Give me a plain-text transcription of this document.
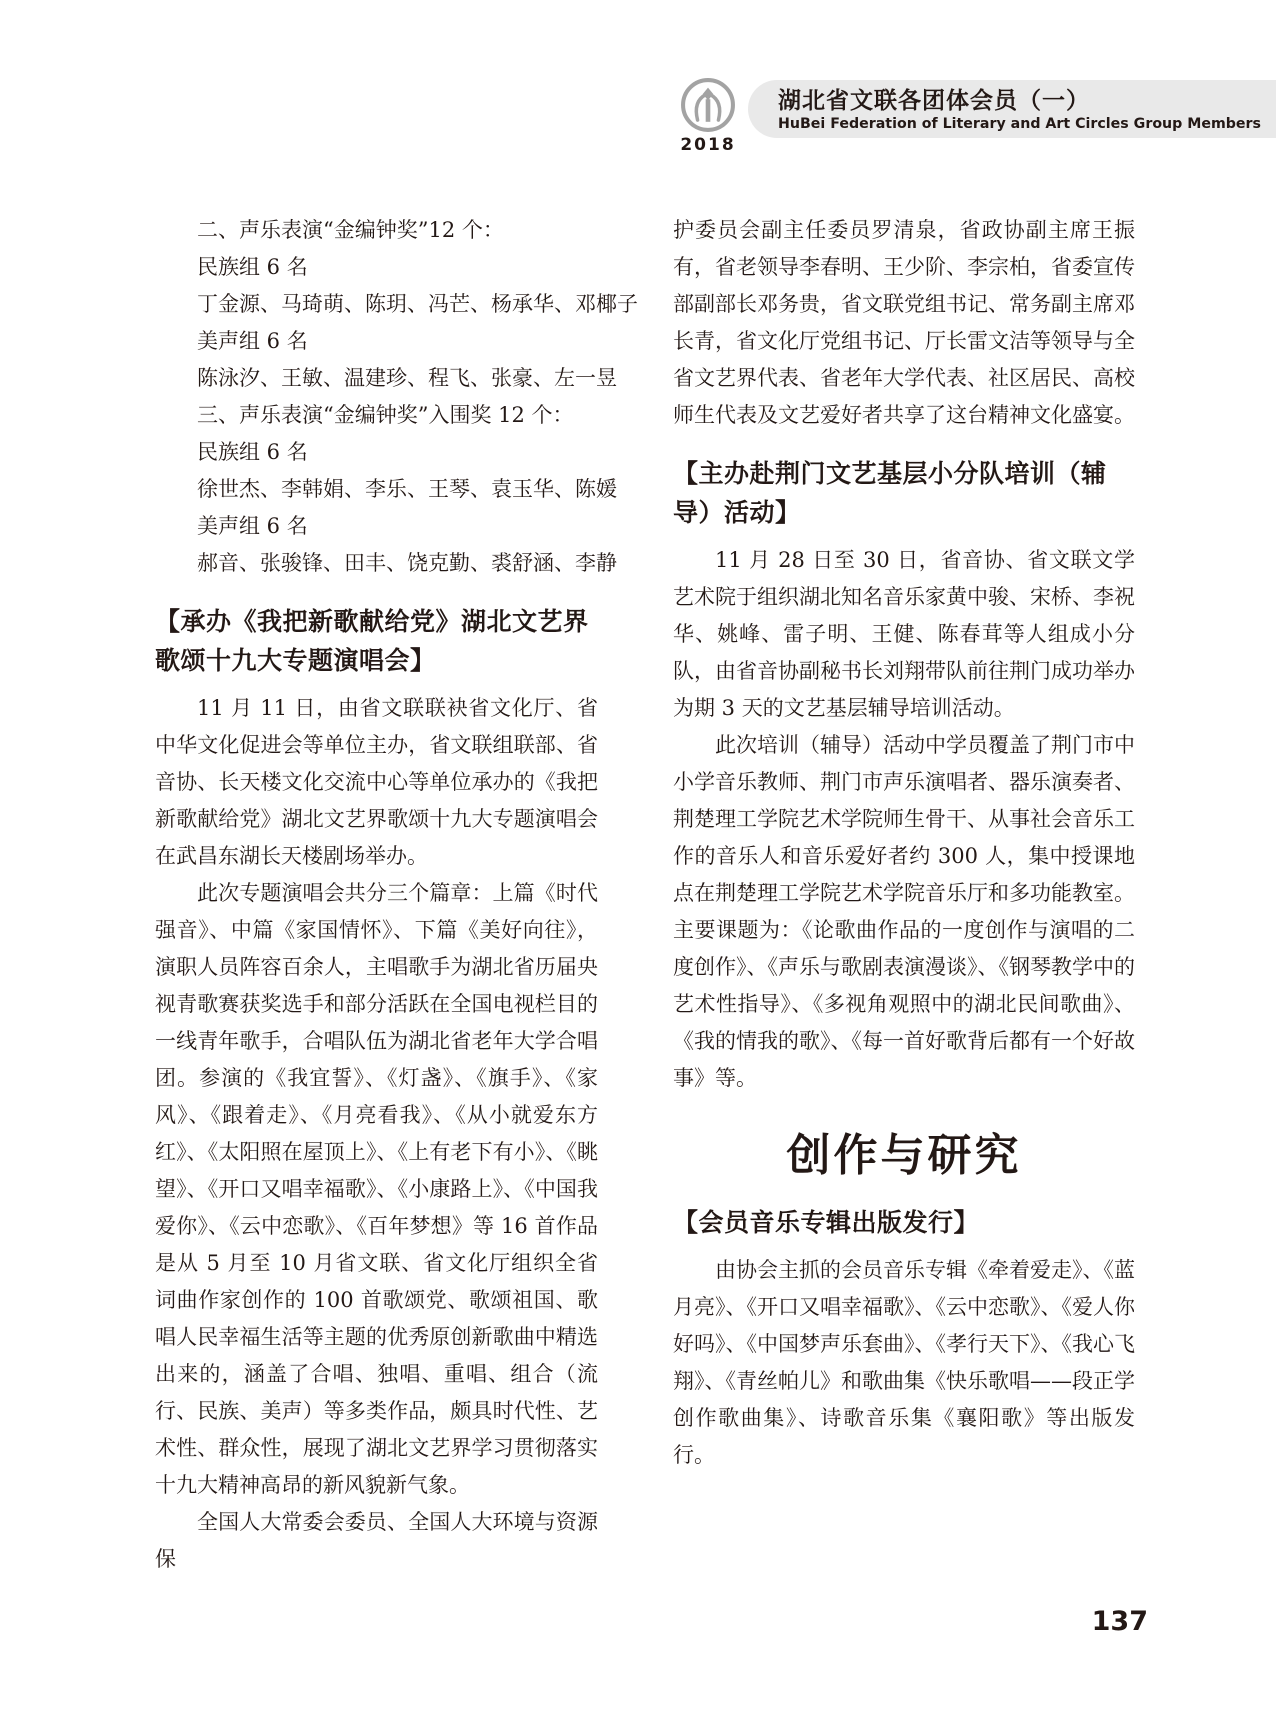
2018
湖北省文联各团体会员（一）
HuBei Federation of Literary and Art Circles Group Members
二、声乐表演“金编钟奖”12 个：
民族组 6 名
丁金源、马琦萌、陈玥、冯芒、杨承华、邓椰子
美声组 6 名
陈泳汐、王敏、温建珍、程飞、张豪、左一昱
三、声乐表演“金编钟奖”入围奖 12 个：
民族组 6 名
徐世杰、李韩娟、李乐、王琴、袁玉华、陈媛
美声组 6 名
郝音、张骏锋、田丰、饶克勤、裘舒涵、李静
【承办《我把新歌献给党》湖北文艺界歌颂十九大专题演唱会】
11 月 11 日，由省文联联袂省文化厅、省中华文化促进会等单位主办，省文联组联部、省音协、长天楼文化交流中心等单位承办的《我把新歌献给党》湖北文艺界歌颂十九大专题演唱会在武昌东湖长天楼剧场举办。
此次专题演唱会共分三个篇章：上篇《时代强音》、中篇《家国情怀》、下篇《美好向往》，演职人员阵容百余人，主唱歌手为湖北省历届央视青歌赛获奖选手和部分活跃在全国电视栏目的一线青年歌手，合唱队伍为湖北省老年大学合唱团。参演的《我宜誓》、《灯盏》、《旗手》、《家风》、《跟着走》、《月亮看我》、《从小就爱东方红》、《太阳照在屋顶上》、《上有老下有小》、《眺望》、《开口又唱幸福歌》、《小康路上》、《中国我爱你》、《云中恋歌》、《百年梦想》等 16 首作品是从 5 月至 10 月省文联、省文化厅组织全省词曲作家创作的 100 首歌颂党、歌颂祖国、歌唱人民幸福生活等主题的优秀原创新歌曲中精选出来的，涵盖了合唱、独唱、重唱、组合（流行、民族、美声）等多类作品，颇具时代性、艺术性、群众性，展现了湖北文艺界学习贯彻落实十九大精神高昂的新风貌新气象。
全国人大常委会委员、全国人大环境与资源保
护委员会副主任委员罗清泉，省政协副主席王振有，省老领导李春明、王少阶、李宗柏，省委宣传部副部长邓务贵，省文联党组书记、常务副主席邓长青，省文化厅党组书记、厅长雷文洁等领导与全省文艺界代表、省老年大学代表、社区居民、高校师生代表及文艺爱好者共享了这台精神文化盛宴。
【主办赴荆门文艺基层小分队培训（辅导）活动】
11 月 28 日至 30 日，省音协、省文联文学艺术院于组织湖北知名音乐家黄中骏、宋桥、李祝华、姚峰、雷子明、王健、陈春茸等人组成小分队，由省音协副秘书长刘翔带队前往荆门成功举办为期 3 天的文艺基层辅导培训活动。
此次培训（辅导）活动中学员覆盖了荆门市中小学音乐教师、荆门市声乐演唱者、器乐演奏者、荆楚理工学院艺术学院师生骨干、从事社会音乐工作的音乐人和音乐爱好者约 300 人，集中授课地点在荆楚理工学院艺术学院音乐厅和多功能教室。主要课题为：《论歌曲作品的一度创作与演唱的二度创作》、《声乐与歌剧表演漫谈》、《钢琴教学中的艺术性指导》、《多视角观照中的湖北民间歌曲》、《我的情我的歌》、《每一首好歌背后都有一个好故事》等。
创作与研究
【会员音乐专辑出版发行】
由协会主抓的会员音乐专辑《牵着爱走》、《蓝月亮》、《开口又唱幸福歌》、《云中恋歌》、《爱人你好吗》、《中国梦声乐套曲》、《孝行天下》、《我心飞翔》、《青丝帕儿》和歌曲集《快乐歌唱——段正学创作歌曲集》、诗歌音乐集《襄阳歌》等出版发行。
137
